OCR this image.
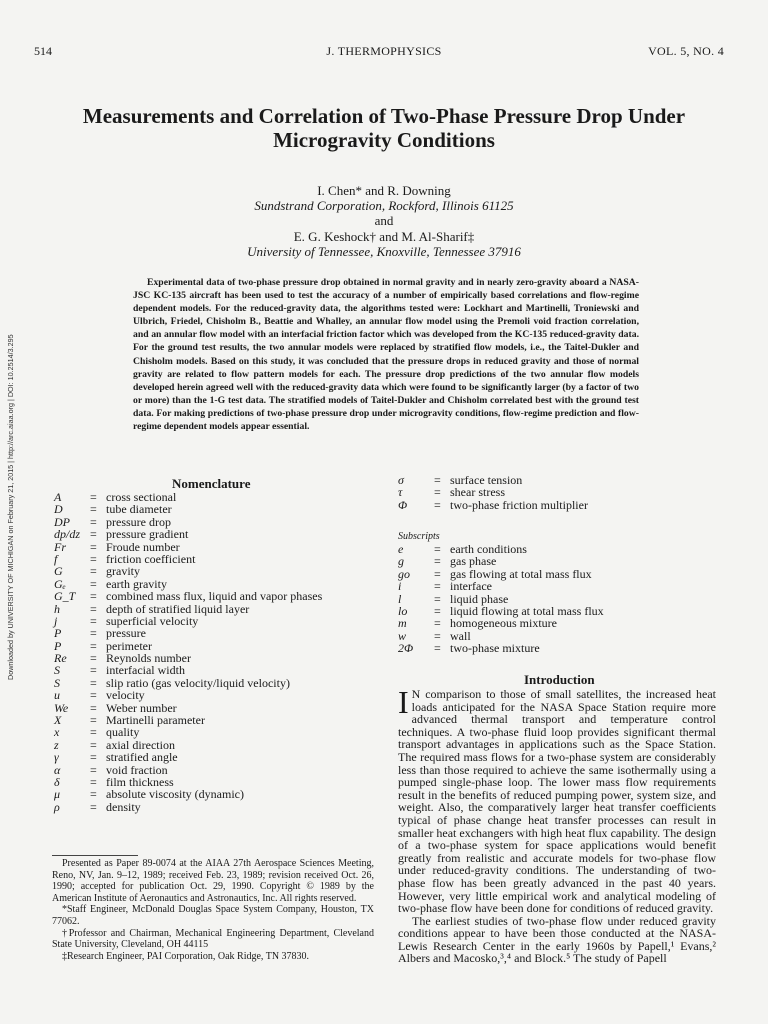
514	J. THERMOPHYSICS	VOL. 5, NO. 4
Measurements and Correlation of Two-Phase Pressure Drop Under Microgravity Conditions
I. Chen* and R. Downing
Sundstrand Corporation, Rockford, Illinois 61125
and
E. G. Keshock† and M. Al-Sharif‡
University of Tennessee, Knoxville, Tennessee 37916
Experimental data of two-phase pressure drop obtained in normal gravity and in nearly zero-gravity aboard a NASA-JSC KC-135 aircraft has been used to test the accuracy of a number of empirically based correlations and flow-regime dependent models. For the reduced-gravity data, the algorithms tested were: Lockhart and Martinelli, Troniewski and Ulbrich, Friedel, Chisholm B., Beattie and Whalley, an annular flow model using the Premoli void fraction correlation, and an annular flow model with an interfacial friction factor which was developed from the KC-135 reduced-gravity data. For the ground test results, the two annular models were replaced by stratified flow models, i.e., the Taitel-Dukler and Chisholm models. Based on this study, it was concluded that the pressure drops in reduced gravity and those of normal gravity are related to flow pattern models for each. The pressure drop predictions of the two annular flow models developed herein agreed well with the reduced-gravity data which were found to be significantly larger (by a factor of two or more) than the 1-G test data. The stratified models of Taitel-Dukler and Chisholm correlated best with the ground test data. For making predictions of two-phase pressure drop under microgravity conditions, flow-regime prediction and flow-regime dependent models appear essential.
Downloaded by UNIVERSITY OF MICHIGAN on February 21, 2015 | http://arc.aiaa.org | DOI: 10.2514/3.295	Nomenclature
A = cross sectional
D = tube diameter
DP = pressure drop
dp/dz = pressure gradient
Fr = Froude number
f	= friction coefficient
G = gravity
Gₑ = earth gravity
G_T = combined mass flux, liquid and vapor phases
h	= depth of stratified liquid layer
j	= superficial velocity
P = pressure
P = perimeter
Re = Reynolds number
S	= interfacial width
S	= slip ratio (gas velocity/liquid velocity)
u	= velocity
We = Weber number
X = Martinelli parameter
x	= quality
z	= axial direction
γ	= stratified angle
α = void fraction
δ	= film thickness
μ = absolute viscosity (dynamic)
ρ	= density
σ	= surface tension
τ	= shear stress
Φ = two-phase friction multiplier
Subscripts
e	= earth conditions
g	= gas phase
go = gas flowing at total mass flux
i	= interface
l	= liquid phase
lo = liquid flowing at total mass flux
m = homogeneous mixture
w = wall
2Φ = two-phase mixture
Introduction

I N comparison to those of small satellites, the increased heat loads anticipated for the NASA Space Station require more advanced thermal transport and temperature control techniques. A two-phase fluid loop provides significant thermal transport advantages in applications such as the Space Station. The required mass flows for a two-phase system are considerably less than those required to achieve the same isothermally using a pumped single-phase loop. The lower mass flow requirements result in the benefits of reduced pumping power, system size, and weight. Also, the comparatively larger heat transfer coefficients typical of phase change heat transfer processes can result in smaller heat exchangers with high heat flux capability. The design of a two-phase system for space applications would benefit greatly from realistic and accurate models for two-phase flow under reduced-gravity conditions. The understanding of two-phase flow has been greatly advanced in the past 40 years. However, very little empirical work and analytical modeling of two-phase flow have been done for conditions of reduced gravity.

The earliest studies of two-phase flow under reduced gravity conditions appear to have been those conducted at the NASA-Lewis Research Center in the early 1960s by Papell,¹ Evans,² Albers and Macosko,³,⁴ and Block.⁵ The study of Papell

Presented as Paper 89-0074 at the AIAA 27th Aerospace Sciences Meeting, Reno, NV, Jan. 9–12, 1989; received Feb. 23, 1989; revision received Oct. 26, 1990; accepted for publication Oct. 29, 1990. Copyright © 1989 by the American Institute of Aeronautics and Astronautics, Inc. All rights reserved.

*Staff Engineer, McDonald Douglas Space System Company, Houston, TX 77062.

†Professor and Chairman, Mechanical Engineering Department, Cleveland State University, Cleveland, OH 44115

‡Research Engineer, PAI Corporation, Oak Ridge, TN 37830.
